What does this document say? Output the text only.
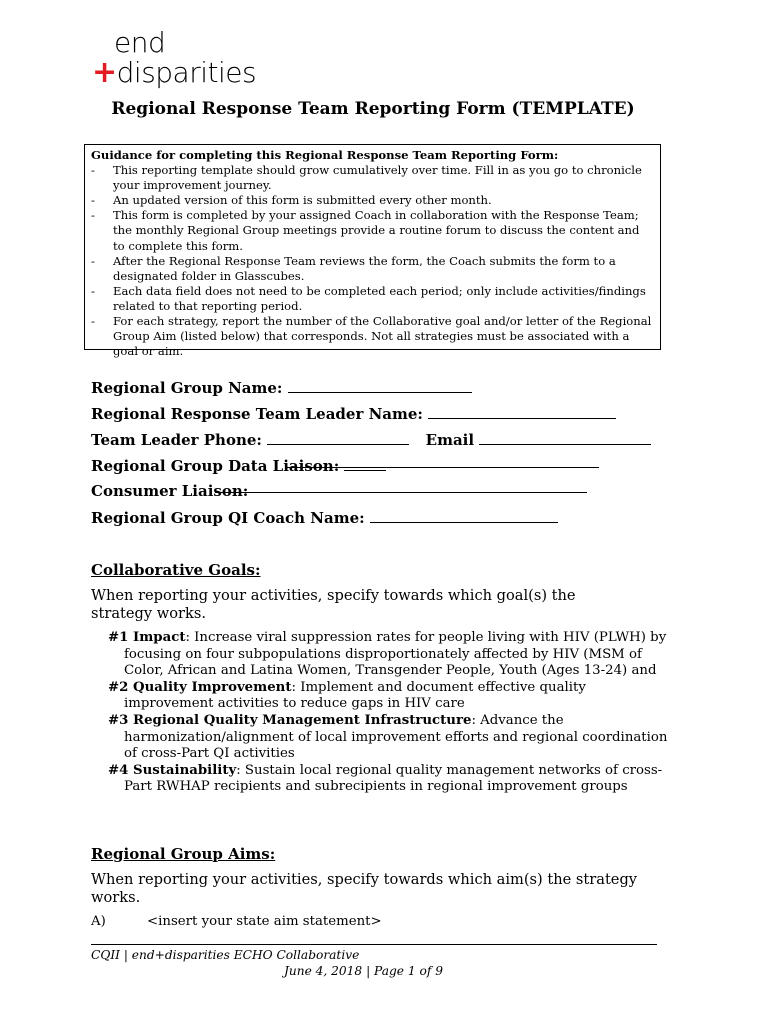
end
+disparities
Regional Response Team Reporting Form (TEMPLATE)
Guidance for completing this Regional Response Team Reporting Form:
- This reporting template should grow cumulatively over time. Fill in as you go to chronicle your improvement journey.
- An updated version of this form is submitted every other month.
- This form is completed by your assigned Coach in collaboration with the Response Team; the monthly Regional Group meetings provide a routine forum to discuss the content and to complete this form.
- After the Regional Response Team reviews the form, the Coach submits the form to a designated folder in Glasscubes.
- Each data field does not need to be completed each period; only include activities/findings related to that reporting period.
- For each strategy, report the number of the Collaborative goal and/or letter of the Regional Group Aim (listed below) that corresponds. Not all strategies must be associated with a goal or aim.
Regional Group Name:
Regional Response Team Leader Name:
Team Leader Phone:	Email
Regional Group Data Liaison:
Consumer Liaison:
Regional Group QI Coach Name:
Collaborative Goals:
When reporting your activities, specify towards which goal(s) the strategy works.

#1 Impact: Increase viral suppression rates for people living with HIV (PLWH) by focusing on four subpopulations disproportionately affected by HIV (MSM of Color, African and Latina Women, Transgender People, Youth (Ages 13-24) and

#2 Quality Improvement: Implement and document effective quality improvement activities to reduce gaps in HIV care

#3 Regional Quality Management Infrastructure: Advance the harmonization/alignment of local improvement efforts and regional coordination of cross-Part QI activities

#4 Sustainability: Sustain local regional quality management networks of cross-Part RWHAP recipients and subrecipients in regional improvement groups

Regional Group Aims:
When reporting your activities, specify towards which aim(s) the strategy works.
A)	<insert your state aim statement>
CQII | end+disparities ECHO Collaborative
June 4, 2018 | Page 1 of 9
